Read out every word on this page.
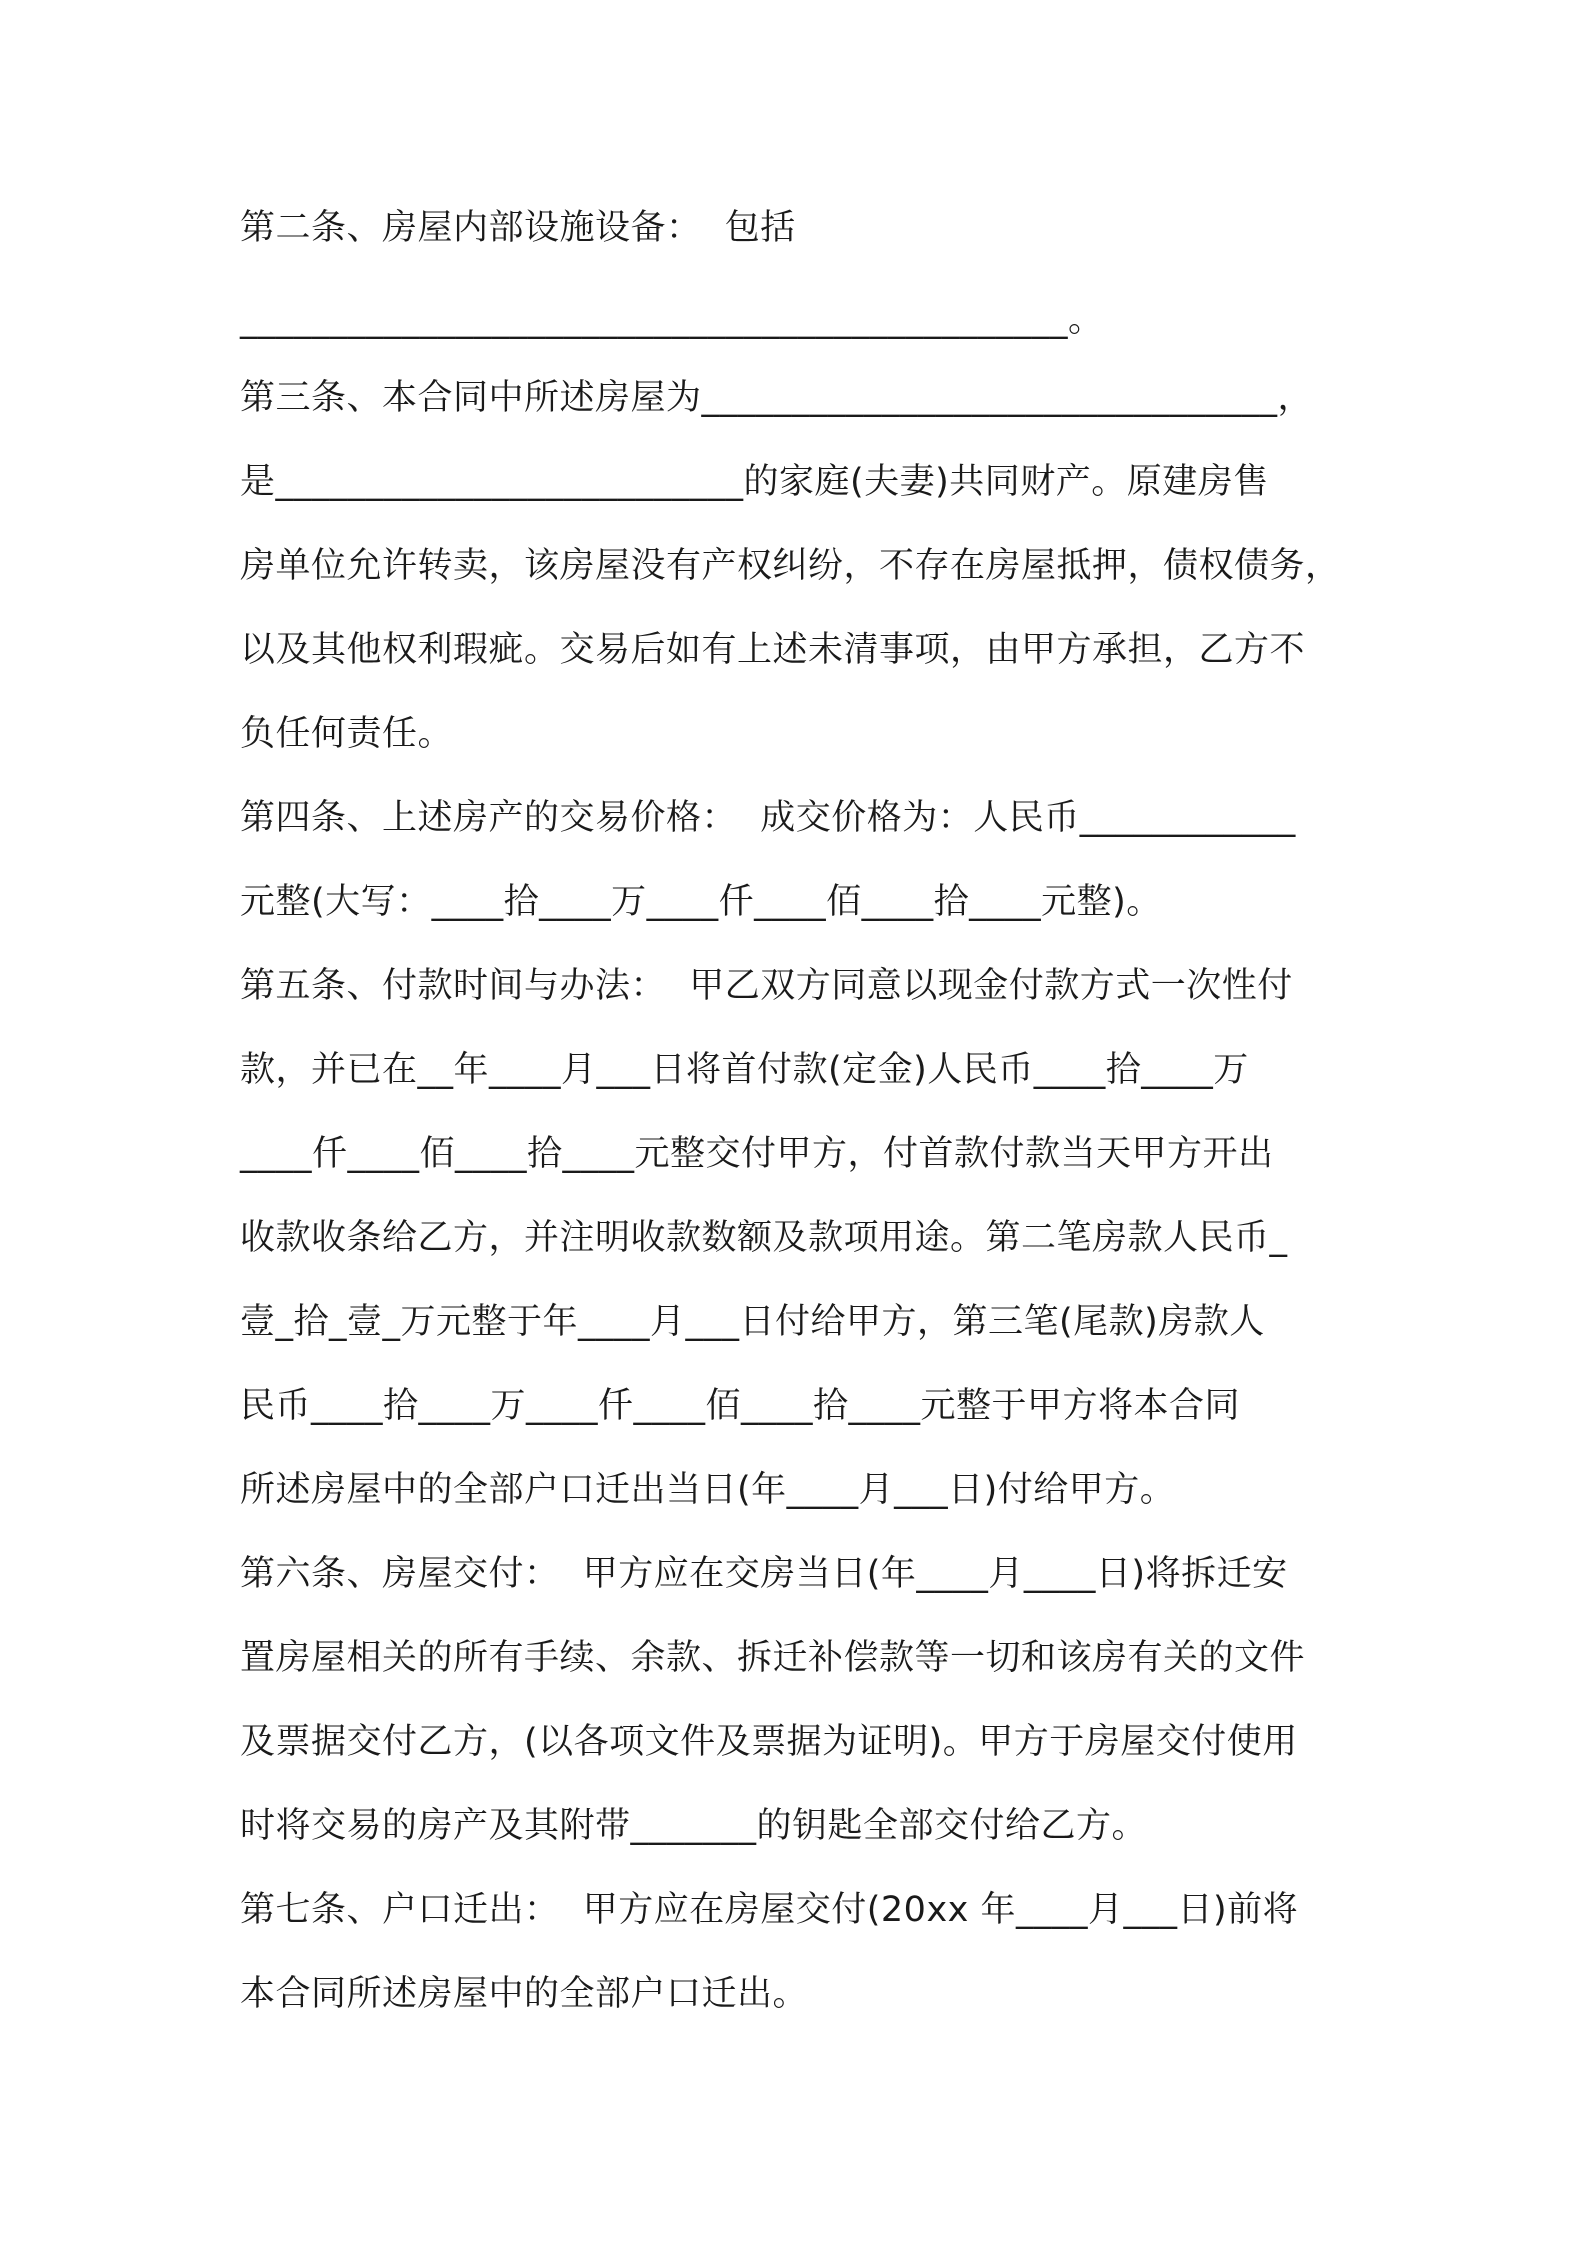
第二条、房屋内部设施设备：  包括
______________________________________________。
第三条、本合同中所述房屋为________________________________，
是__________________________的家庭(夫妻)共同财产。原建房售
房单位允许转卖，该房屋没有产权纠纷，不存在房屋抵押，债权债务，
以及其他权利瑕疵。交易后如有上述未清事项，由甲方承担，乙方不
负任何责任。
第四条、上述房产的交易价格：  成交价格为：人民币____________
元整(大写：____拾____万____仟____佰____拾____元整)。
第五条、付款时间与办法：  甲乙双方同意以现金付款方式一次性付
款，并已在__年____月___日将首付款(定金)人民币____拾____万
____仟____佰____拾____元整交付甲方，付首款付款当天甲方开出
收款收条给乙方，并注明收款数额及款项用途。第二笔房款人民币_
壹_拾_壹_万元整于年____月___日付给甲方，第三笔(尾款)房款人
民币____拾____万____仟____佰____拾____元整于甲方将本合同
所述房屋中的全部户口迁出当日(年____月___日)付给甲方。
第六条、房屋交付：  甲方应在交房当日(年____月____日)将拆迁安
置房屋相关的所有手续、余款、拆迁补偿款等一切和该房有关的文件
及票据交付乙方，(以各项文件及票据为证明)。甲方于房屋交付使用
时将交易的房产及其附带_______的钥匙全部交付给乙方。
第七条、户口迁出：  甲方应在房屋交付(20xx 年____月___日)前将
本合同所述房屋中的全部户口迁出。
